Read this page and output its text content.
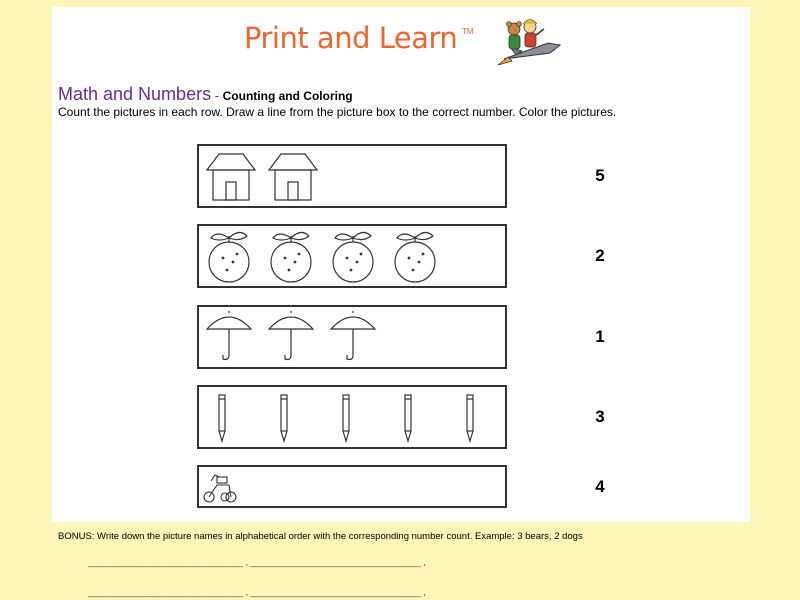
Print and Learn TM
Math and Numbers - Counting and Coloring
Count the pictures in each row. Draw a line from the picture box to the correct number. Color the pictures.
5
2
1
3
4
BONUS: Write down the picture names in alphabetical order with the corresponding number count. Example: 3 bears, 2 dogs
_______________________________ , __________________________________ ,
_______________________________ , __________________________________ ,
